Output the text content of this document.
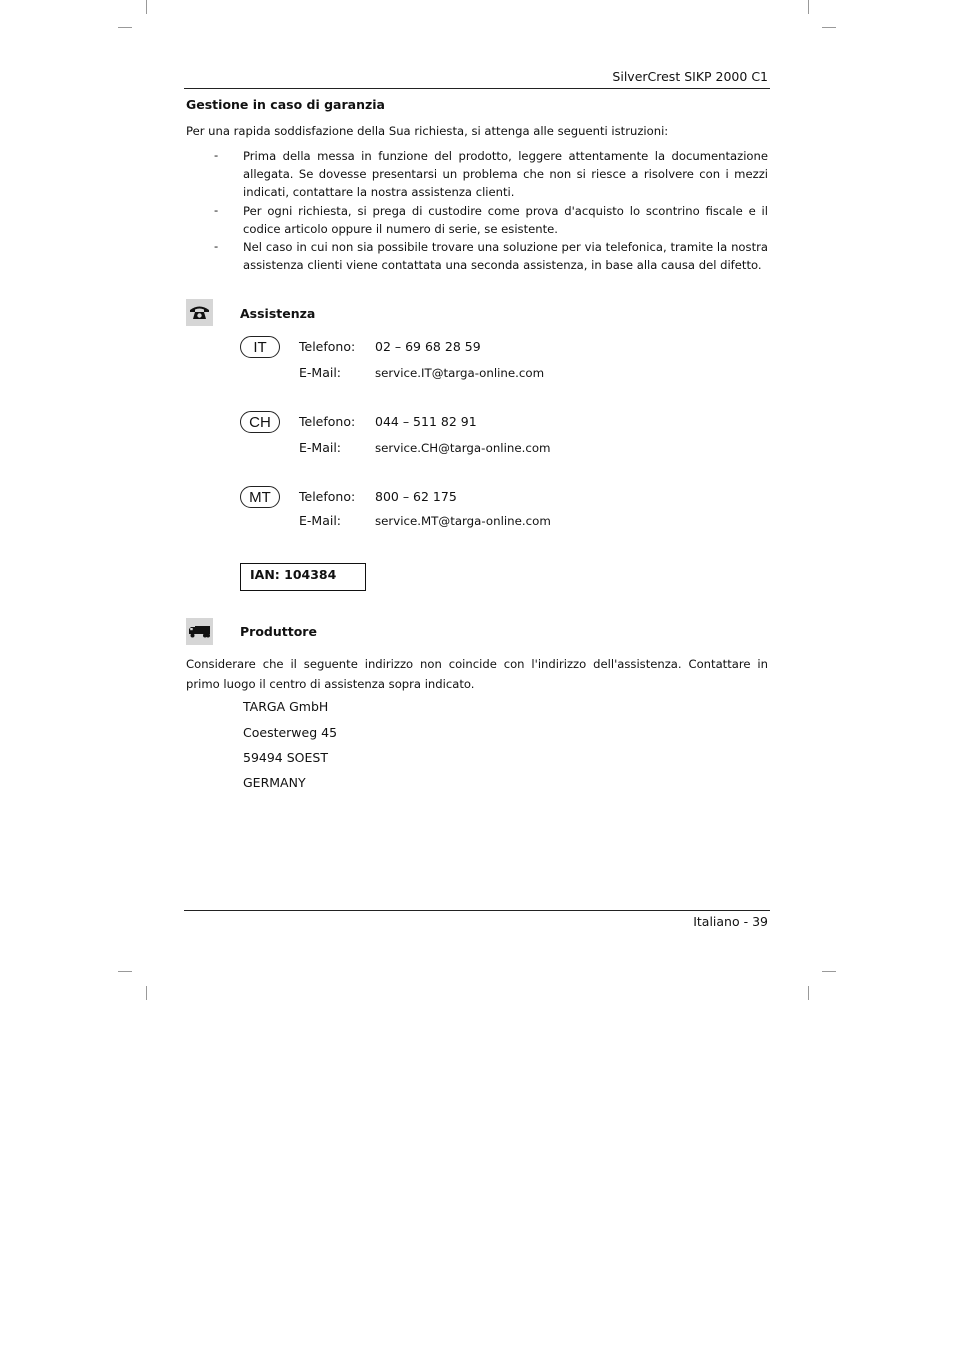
SilverCrest SIKP 2000 C1
Gestione in caso di garanzia
Per una rapida soddisfazione della Sua richiesta, si attenga alle seguenti istruzioni:
- Prima della messa in funzione del prodotto, leggere attentamente la documentazione allegata. Se dovesse presentarsi un problema che non si riesce a risolvere con i mezzi indicati, contattare la nostra assistenza clienti.
- Per ogni richiesta, si prega di custodire come prova d'acquisto lo scontrino fiscale e il codice articolo oppure il numero di serie, se esistente.
- Nel caso in cui non sia possibile trovare una soluzione per via telefonica, tramite la nostra assistenza clienti viene contattata una seconda assistenza, in base alla causa del difetto.
Assistenza
IT	Telefono: 02 – 69 68 28 59
E-Mail:	service.IT@targa-online.com
CH	Telefono: 044 – 511 82 91
E-Mail:	service.CH@targa-online.com
MT	Telefono: 800 – 62 175
E-Mail:	service.MT@targa-online.com
IAN: 104384
Produttore
Considerare che il seguente indirizzo non coincide con l'indirizzo dell'assistenza. Contattare in primo luogo il centro di assistenza sopra indicato.
TARGA GmbH
Coesterweg 45
59494 SOEST
GERMANY
Italiano - 39
